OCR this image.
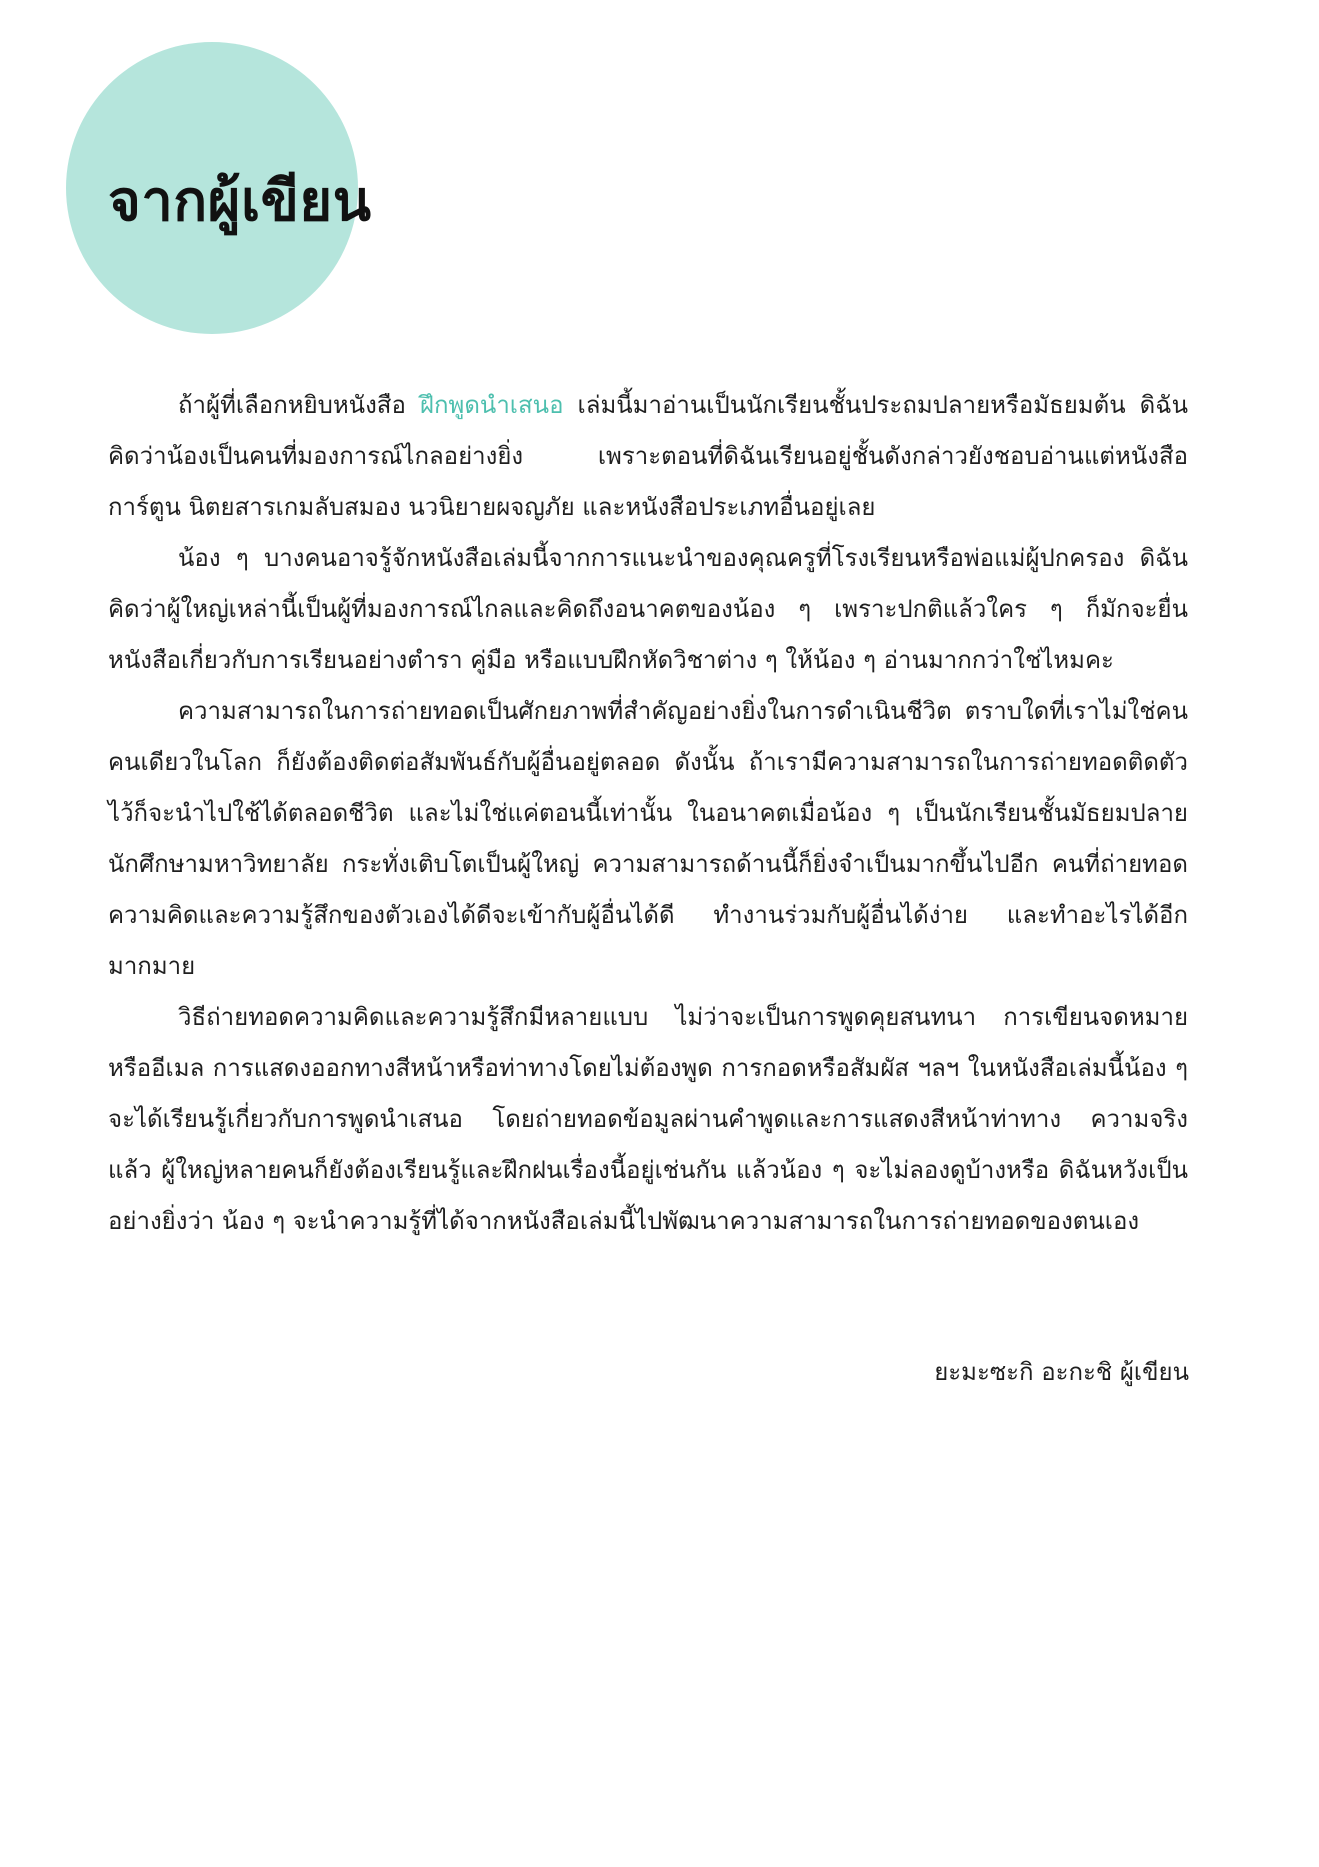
จากผู้เขียน

ถ้าผู้ที่เลือกหยิบหนังสือ ฝึกพูดนำเสนอ เล่มนี้มาอ่านเป็นนักเรียนชั้นประถมปลายหรือมัธยมต้น ดิฉันคิดว่าน้องเป็นคนที่มองการณ์ไกลอย่างยิ่ง เพราะตอนที่ดิฉันเรียนอยู่ชั้นดังกล่าวยังชอบอ่านแต่หนังสือการ์ตูน นิตยสารเกมลับสมอง นวนิยายผจญภัย และหนังสือประเภทอื่นอยู่เลย

น้อง ๆ บางคนอาจรู้จักหนังสือเล่มนี้จากการแนะนำของคุณครูที่โรงเรียนหรือพ่อแม่ผู้ปกครอง ดิฉันคิดว่าผู้ใหญ่เหล่านี้เป็นผู้ที่มองการณ์ไกลและคิดถึงอนาคตของน้อง ๆ เพราะปกติแล้วใคร ๆ ก็มักจะยื่นหนังสือเกี่ยวกับการเรียนอย่างตำรา คู่มือ หรือแบบฝึกหัดวิชาต่าง ๆ ให้น้อง ๆ อ่านมากกว่าใช่ไหมคะ

ความสามารถในการถ่ายทอดเป็นศักยภาพที่สำคัญอย่างยิ่งในการดำเนินชีวิต ตราบใดที่เราไม่ใช่คนคนเดียวในโลก ก็ยังต้องติดต่อสัมพันธ์กับผู้อื่นอยู่ตลอด ดังนั้น ถ้าเรามีความสามารถในการถ่ายทอดติดตัวไว้ก็จะนำไปใช้ได้ตลอดชีวิต และไม่ใช่แค่ตอนนี้เท่านั้น ในอนาคตเมื่อน้อง ๆ เป็นนักเรียนชั้นมัธยมปลาย นักศึกษามหาวิทยาลัย กระทั่งเติบโตเป็นผู้ใหญ่ ความสามารถด้านนี้ก็ยิ่งจำเป็นมากขึ้นไปอีก คนที่ถ่ายทอดความคิดและความรู้สึกของตัวเองได้ดีจะเข้ากับผู้อื่นได้ดี ทำงานร่วมกับผู้อื่นได้ง่าย และทำอะไรได้อีกมากมาย

วิธีถ่ายทอดความคิดและความรู้สึกมีหลายแบบ ไม่ว่าจะเป็นการพูดคุยสนทนา การเขียนจดหมายหรืออีเมล การแสดงออกทางสีหน้าหรือท่าทางโดยไม่ต้องพูด การกอดหรือสัมผัส ฯลฯ ในหนังสือเล่มนี้น้อง ๆ จะได้เรียนรู้เกี่ยวกับการพูดนำเสนอ โดยถ่ายทอดข้อมูลผ่านคำพูดและการแสดงสีหน้าท่าทาง ความจริงแล้ว ผู้ใหญ่หลายคนก็ยังต้องเรียนรู้และฝึกฝนเรื่องนี้อยู่เช่นกัน แล้วน้อง ๆ จะไม่ลองดูบ้างหรือ ดิฉันหวังเป็นอย่างยิ่งว่า น้อง ๆ จะนำความรู้ที่ได้จากหนังสือเล่มนี้ไปพัฒนาความสามารถในการถ่ายทอดของตนเอง

ยะมะซะกิ อะกะชิ ผู้เขียน
